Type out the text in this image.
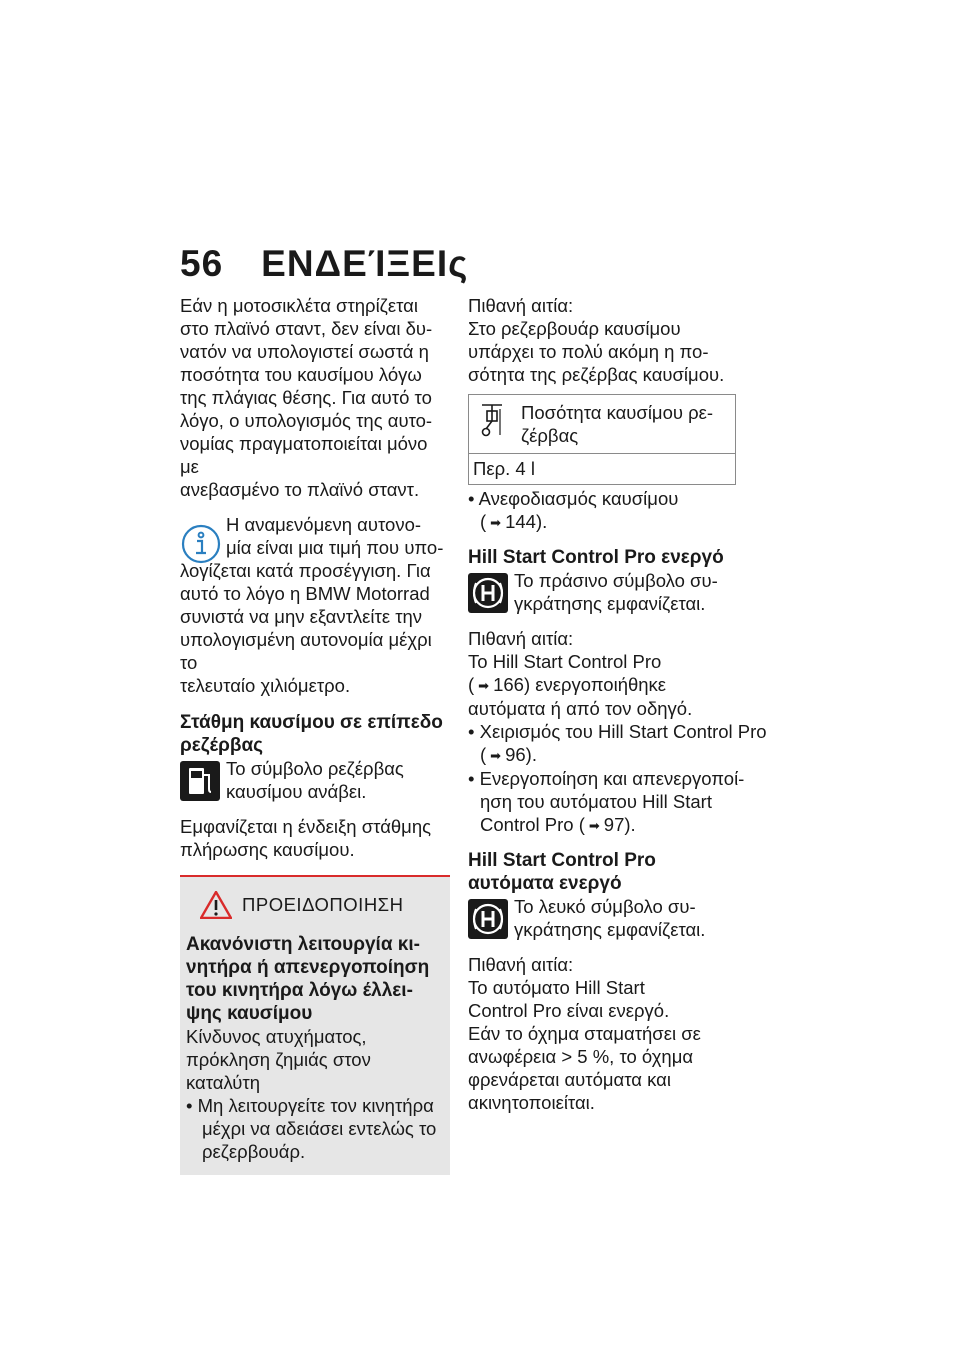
56 ΕΝΔΕΊΞΕΙς

Εάν η μοτοσικλέτα στηρίζεται

στο πλαϊνό σταντ, δεν είναι δυ-

νατόν να υπολογιστεί σωστά η

ποσότητα του καυσίμου λόγω

της πλάγιας θέσης. Για αυτό το

λόγο, ο υπολογισμός της αυτο-

νομίας πραγματοποιείται μόνο με

ανεβασμένο το πλαϊνό σταντ.

Η αναμενόμενη αυτονο-

μία είναι μια τιμή που υπο-

λογίζεται κατά προσέγγιση. Για

αυτό το λόγο η BMW Motorrad

συνιστά να μην εξαντλείτε την

υπολογισμένη αυτονομία μέχρι το

τελευταίο χιλιόμετρο.

Στάθμη καυσίμου σε επίπεδο
ρεζέρβας

Το σύμβολο ρεζέρβας

καυσίμου ανάβει.

Εμφανίζεται η ένδειξη στάθμης

πλήρωσης καυσίμου.

ΠΡΟΕΙΔΟΠΟΙΗΣΗ
Ακανόνιστη λειτουργία κι-
νητήρα ή απενεργοποίηση
του κινητήρα λόγω έλλει-
ψης καυσίμου

Κίνδυνος ατυχήματος,

πρόκληση ζημιάς στον

καταλύτη

• Μη λειτουργείτε τον κινητήρα

μέχρι να αδειάσει εντελώς το

ρεζερβουάρ.

Πιθανή αιτία:

Στο ρεζερβουάρ καυσίμου

υπάρχει το πολύ ακόμη η πο-

σότητα της ρεζέρβας καυσίμου.

Ποσότητα καυσίμου ρε-

ζέρβας

Περ. 4 l

• Ανεφοδιασμός καυσίμου

( ➡ 144).

Hill Start Control Pro ενεργό

Το πράσινο σύμβολο συ-

γκράτησης εμφανίζεται.

Πιθανή αιτία:

Το Hill Start Control Pro

( ➡ 166) ενεργοποιήθηκε

αυτόματα ή από τον οδηγό.

• Χειρισμός του Hill Start Control Pro

( ➡ 96).

• Ενεργοποίηση και απενεργοποί-

ηση του αυτόματου Hill Start

Control Pro ( ➡ 97).

Hill Start Control Pro
αυτόματα ενεργό

Το λευκό σύμβολο συ-

γκράτησης εμφανίζεται.

Πιθανή αιτία:

Το αυτόματο Hill Start

Control Pro είναι ενεργό.

Εάν το όχημα σταματήσει σε

ανωφέρεια > 5 %, το όχημα

φρενάρεται αυτόματα και

ακινητοποιείται.
